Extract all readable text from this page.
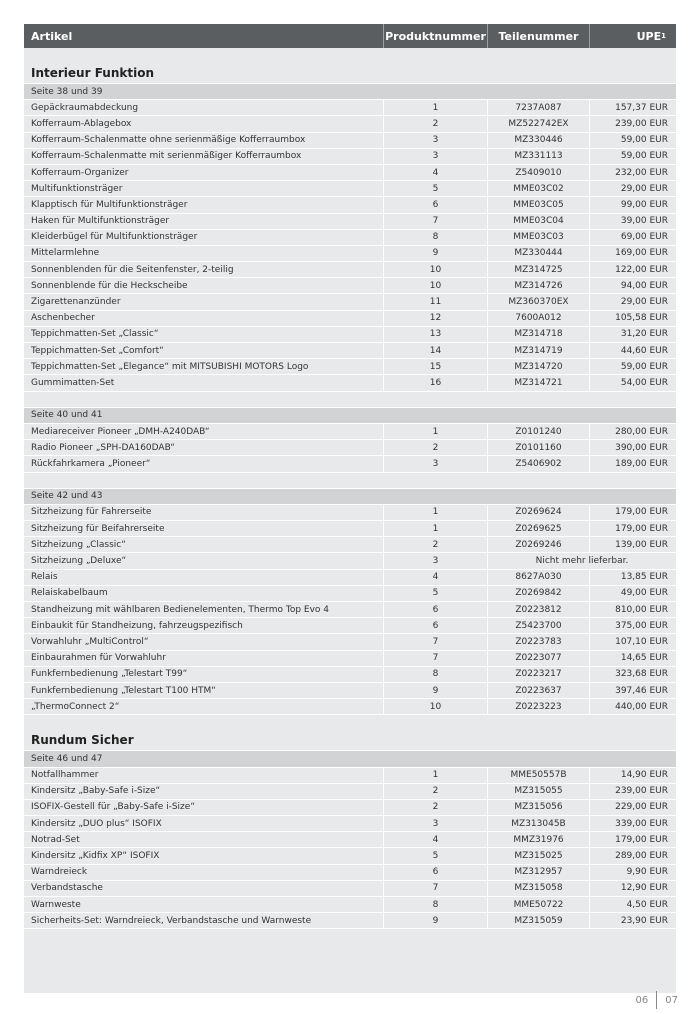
Artikel	Produktnummer	Teilenummer	UPE 1
Interieur Funktion
Seite 38 und 39
Gepäckraumabdeckung	1	7237A087	157,37 EUR
Kofferraum-Ablagebox	2	MZ522742EX	239,00 EUR
Kofferraum-Schalenmatte ohne serienmäßige Kofferraumbox	3	MZ330446	59,00 EUR
Kofferraum-Schalenmatte mit serienmäßiger Kofferraumbox	3	MZ331113	59,00 EUR
Kofferraum-Organizer	4	Z5409010	232,00 EUR
Multifunktionsträger	5	MME03C02	29,00 EUR
Klapptisch für Multifunktionsträger	6	MME03C05	99,00 EUR
Haken für Multifunktionsträger	7	MME03C04	39,00 EUR
Kleiderbügel für Multifunktionsträger	8	MME03C03	69,00 EUR
Mittelarmlehne	9	MZ330444	169,00 EUR
Sonnenblenden für die Seitenfenster, 2-teilig	10	MZ314725	122,00 EUR
Sonnenblende für die Heckscheibe	10	MZ314726	94,00 EUR
Zigarettenanzünder	11	MZ360370EX	29,00 EUR
Aschenbecher	12	7600A012	105,58 EUR
Teppichmatten-Set „Classic“	13	MZ314718	31,20 EUR
Teppichmatten-Set „Comfort“	14	MZ314719	44,60 EUR
Teppichmatten-Set „Elegance“ mit MITSUBISHI MOTORS Logo	15	MZ314720	59,00 EUR
Gummimatten-Set	16	MZ314721	54,00 EUR
Seite 40 und 41
Mediareceiver Pioneer „DMH-A240DAB“	1	Z0101240	280,00 EUR
Radio Pioneer „SPH-DA160DAB“	2	Z0101160	390,00 EUR
Rückfahrkamera „Pioneer“	3	Z5406902	189,00 EUR
Seite 42 und 43
Sitzheizung für Fahrerseite	1	Z0269624	179,00 EUR
Sitzheizung für Beifahrerseite	1	Z0269625	179,00 EUR
Sitzheizung „Classic“	2	Z0269246	139,00 EUR
Sitzheizung „Deluxe“	3	Nicht mehr lieferbar.
Relais	4	8627A030	13,85 EUR
Relaiskabelbaum	5	Z0269842	49,00 EUR
Standheizung mit wählbaren Bedienelementen, Thermo Top Evo 4	6	Z0223812	810,00 EUR
Einbaukit für Standheizung, fahrzeugspezifisch	6	Z5423700	375,00 EUR
Vorwahluhr „MultiControl“	7	Z0223783	107,10 EUR
Einbaurahmen für Vorwahluhr	7	Z0223077	14,65 EUR
Funkfernbedienung „Telestart T99“	8	Z0223217	323,68 EUR
Funkfernbedienung „Telestart T100 HTM“	9	Z0223637	397,46 EUR
„ThermoConnect 2“	10	Z0223223	440,00 EUR
Rundum Sicher
Seite 46 und 47
Notfallhammer	1	MME50557B	14,90 EUR
Kindersitz „Baby-Safe i-Size“	2	MZ315055	239,00 EUR
ISOFIX-Gestell für „Baby-Safe i-Size“	2	MZ315056	229,00 EUR
Kindersitz „DUO plus“ ISOFIX	3	MZ313045B	339,00 EUR
Notrad-Set	4	MMZ31976	179,00 EUR
Kindersitz „Kidfix XP“ ISOFIX	5	MZ315025	289,00 EUR
Warndreieck	6	MZ312957	9,90 EUR
Verbandstasche	7	MZ315058	12,90 EUR
Warnweste	8	MME50722	4,50 EUR
Sicherheits-Set: Warndreieck, Verbandstasche und Warnweste	9	MZ315059	23,90 EUR
06 07
